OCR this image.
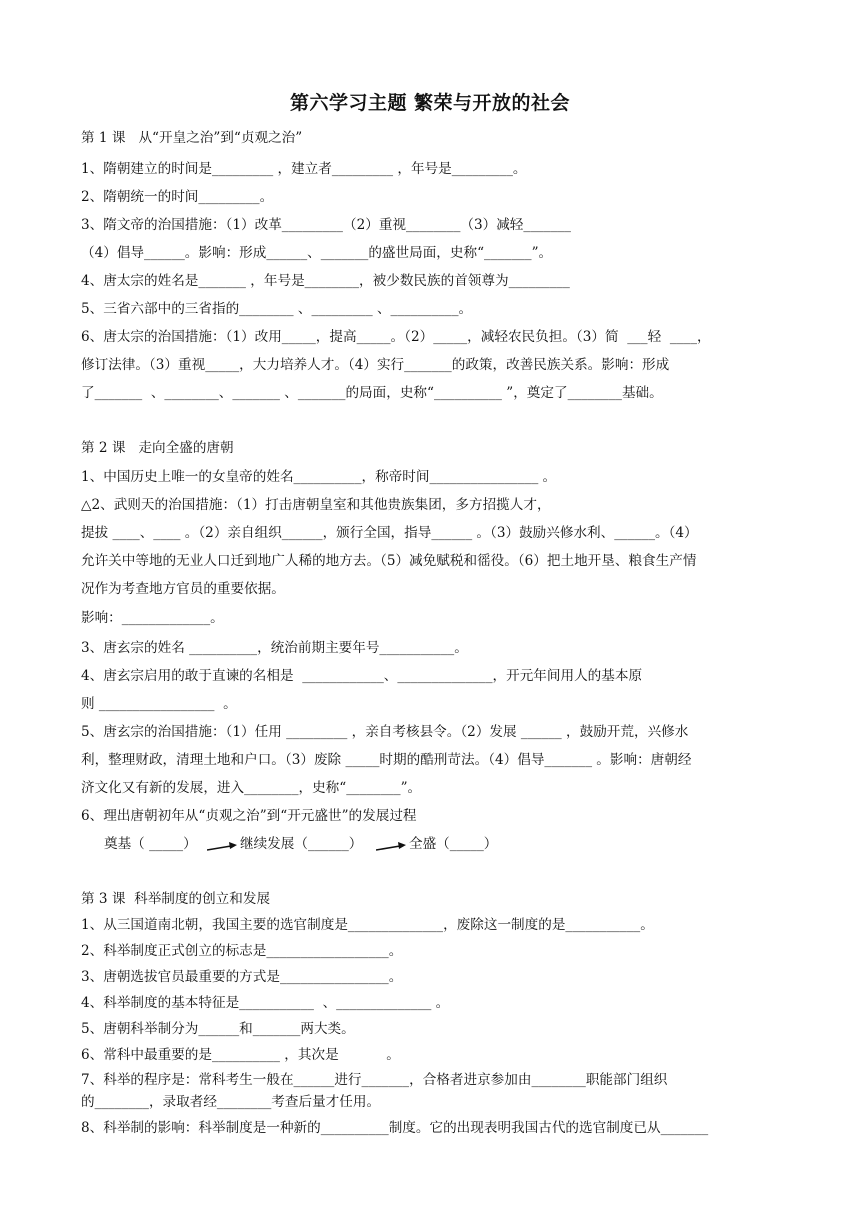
第六学习主题 繁荣与开放的社会
第 1 课   从“开皇之治”到“贞观之治”
1、隋朝建立的时间是_________ ，建立者_________ ，年号是_________。
2、隋朝统一的时间_________。
3、隋文帝的治国措施：（1）改革_________（2）重视________（3）减轻_______
（4）倡导______。影响：形成______、_______的盛世局面，史称“_______”。
4、唐太宗的姓名是_______ ，年号是________，被少数民族的首领尊为_________
5、三省六部中的三省指的________ 、_________ 、__________。
6、唐太宗的治国措施：（1）改用_____，提高_____。（2）_____，减轻农民负担。（3）简  ___轻  ____，
修订法律。（3）重视_____，大力培养人才。（4）实行_______的政策，改善民族关系。影响：形成
了_______  、________、_______ 、_______的局面，史称“__________ ”，奠定了________基础。
第 2 课   走向全盛的唐朝
1、中国历史上唯一的女皇帝的姓名__________，称帝时间________________ 。
△2、武则天的治国措施：（1）打击唐朝皇室和其他贵族集团，多方招揽人才，
提拔 ____、____ 。（2）亲自组织______，颁行全国，指导______ 。（3）鼓励兴修水利、______。（4）
允许关中等地的无业人口迁到地广人稀的地方去。（5）减免赋税和徭役。（6）把土地开垦、粮食生产情
况作为考查地方官员的重要依据。
影响：_____________。
3、唐玄宗的姓名 __________，统治前期主要年号___________。
4、唐玄宗启用的敢于直谏的名相是  ____________、______________，开元年间用人的基本原
则 _________________  。
5、唐玄宗的治国措施：（1）任用 _________ ，亲自考核县令。（2）发展 ______ ，鼓励开荒，兴修水
利，整理财政，清理土地和户口。（3）废除 _____时期的酷刑苛法。（4）倡导_______ 。影响：唐朝经
济文化又有新的发展，进入________，史称“________”。
6、理出唐朝初年从“贞观之治”到“开元盛世”的发展过程
奠基（ _____）	继续发展（______）	全盛（_____）
第 3 课  科举制度的创立和发展
1、从三国道南北朝，我国主要的选官制度是______________，废除这一制度的是___________。
2、科举制度正式创立的标志是__________________。
3、唐朝选拔官员最重要的方式是________________。
4、科举制度的基本特征是___________  、______________ 。
5、唐朝科举制分为______和_______两大类。
6、常科中最重要的是__________ ，其次是           。
7、科举的程序是：常科考生一般在______进行_______，合格者进京参加由________职能部门组织
的________，录取者经________考查后量才任用。
8、科举制的影响：科举制度是一种新的__________制度。它的出现表明我国古代的选官制度已从_______
